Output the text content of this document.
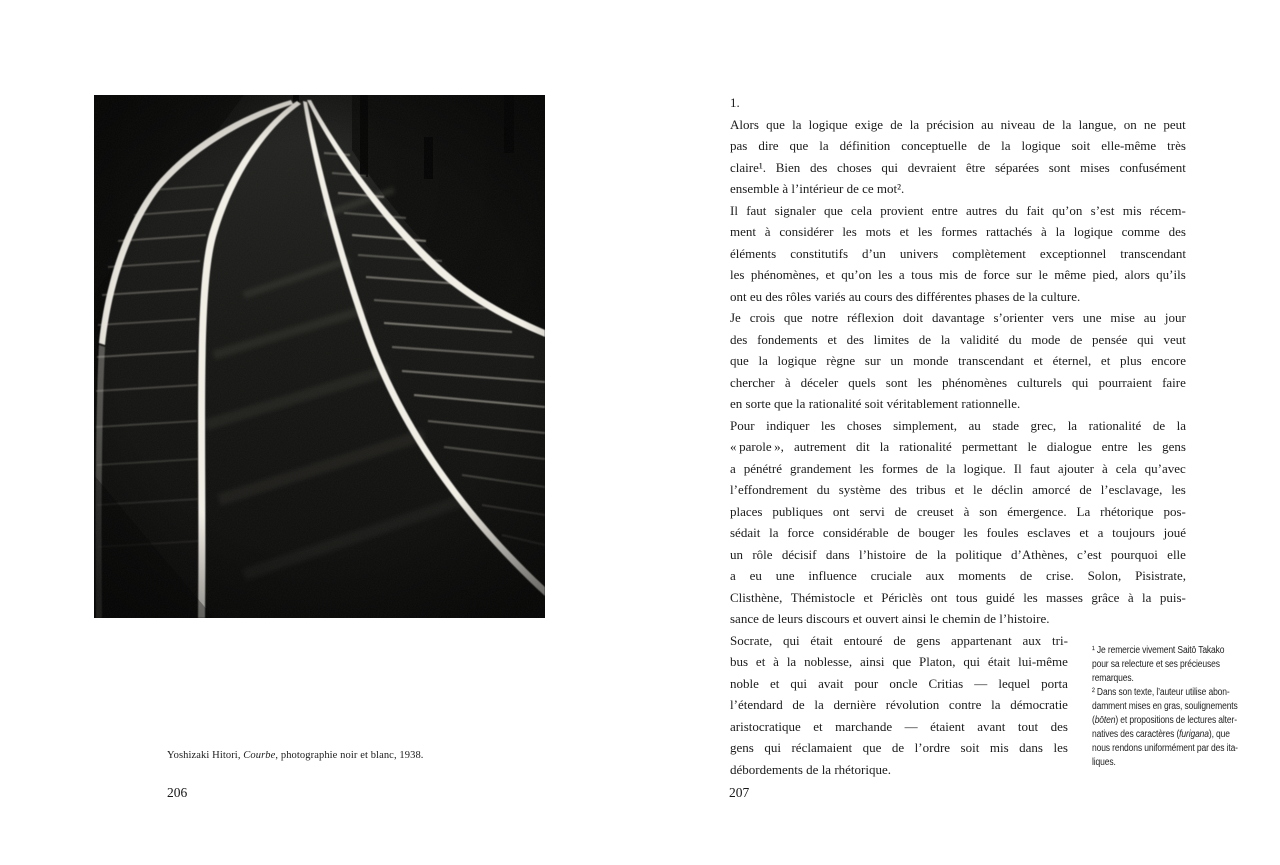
Yoshizaki Hitori, Courbe, photographie noir et blanc, 1938.
206
1.
Alors que la logique exige de la précision au niveau de la langue, on ne peut
pas dire que la définition conceptuelle de la logique soit elle-même très
claire¹. Bien des choses qui devraient être séparées sont mises confusément
ensemble à l’intérieur de ce mot².
Il faut signaler que cela provient entre autres du fait qu’on s’est mis récem-
ment à considérer les mots et les formes rattachés à la logique comme des
éléments constitutifs d’un univers complètement exceptionnel transcendant
les phénomènes, et qu’on les a tous mis de force sur le même pied, alors qu’ils
ont eu des rôles variés au cours des différentes phases de la culture.
Je crois que notre réflexion doit davantage s’orienter vers une mise au jour
des fondements et des limites de la validité du mode de pensée qui veut
que la logique règne sur un monde transcendant et éternel, et plus encore
chercher à déceler quels sont les phénomènes culturels qui pourraient faire
en sorte que la rationalité soit véritablement rationnelle.
Pour indiquer les choses simplement, au stade grec, la rationalité de la
« parole », autrement dit la rationalité permettant le dialogue entre les gens
a pénétré grandement les formes de la logique. Il faut ajouter à cela qu’avec
l’effondrement du système des tribus et le déclin amorcé de l’esclavage, les
places publiques ont servi de creuset à son émergence. La rhétorique pos-
sédait la force considérable de bouger les foules esclaves et a toujours joué
un rôle décisif dans l’histoire de la politique d’Athènes, c’est pourquoi elle
a eu une influence cruciale aux moments de crise. Solon, Pisistrate,
Clisthène, Thémistocle et Périclès ont tous guidé les masses grâce à la puis-
sance de leurs discours et ouvert ainsi le chemin de l’histoire.
Socrate, qui était entouré de gens appartenant aux tri-
bus et à la noblesse, ainsi que Platon, qui était lui-même
noble et qui avait pour oncle Critias — lequel porta
l’étendard de la dernière révolution contre la démocratie
aristocratique et marchande — étaient avant tout des
gens qui réclamaient que de l’ordre soit mis dans les
débordements de la rhétorique.
¹ Je remercie vivement Saitō Takako
pour sa relecture et ses précieuses
remarques.
² Dans son texte, l’auteur utilise abon-
damment mises en gras, soulignements
(bōten) et propositions de lectures alter-
natives des caractères (furigana), que
nous rendons uniformément par des ita-
liques.
207
